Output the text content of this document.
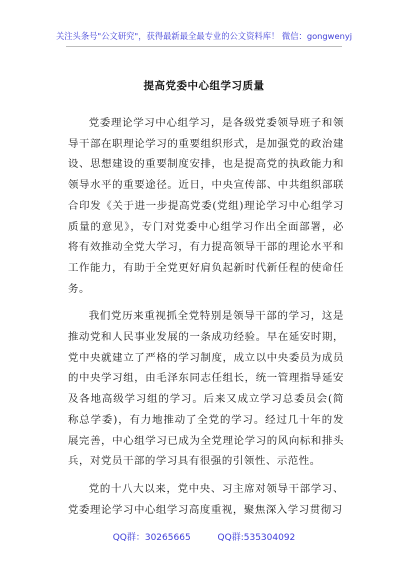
关注头条号"公文研究"，获得最新最全最专业的公文资料库！ 微信：gongwenyj
提高党委中心组学习质量

党委理论学习中心组学习，是各级党委领导班子和领导干部在职理论学习的重要组织形式，是加强党的政治建设、思想建设的重要制度安排，也是提高党的执政能力和领导水平的重要途径。近日，中央宣传部、中共组织部联合印发《关于进一步提高党委(党组)理论学习中心组学习质量的意见》，专门对党委中心组学习作出全面部署，必将有效推动全党大学习，有力提高领导干部的理论水平和工作能力，有助于全党更好肩负起新时代新任程的使命任务。

我们党历来重视抓全党特别是领导干部的学习，这是推动党和人民事业发展的一条成功经验。早在延安时期，党中央就建立了严格的学习制度，成立以中央委员为成员的中央学习组，由毛泽东同志任组长，统一管理指导延安及各地高级学习组的学习。后来又成立学习总委员会(简称总学委)，有力地推动了全党的学习。经过几十年的发展完善，中心组学习已成为全党理论学习的风向标和排头兵，对党员干部的学习具有很强的引领性、示范性。

党的十八大以来，党中央、习主席对领导干部学习、党委理论学习中心组学习高度重视，聚焦深入学习贯彻习

QQ群：30265665	QQ群:535304092
